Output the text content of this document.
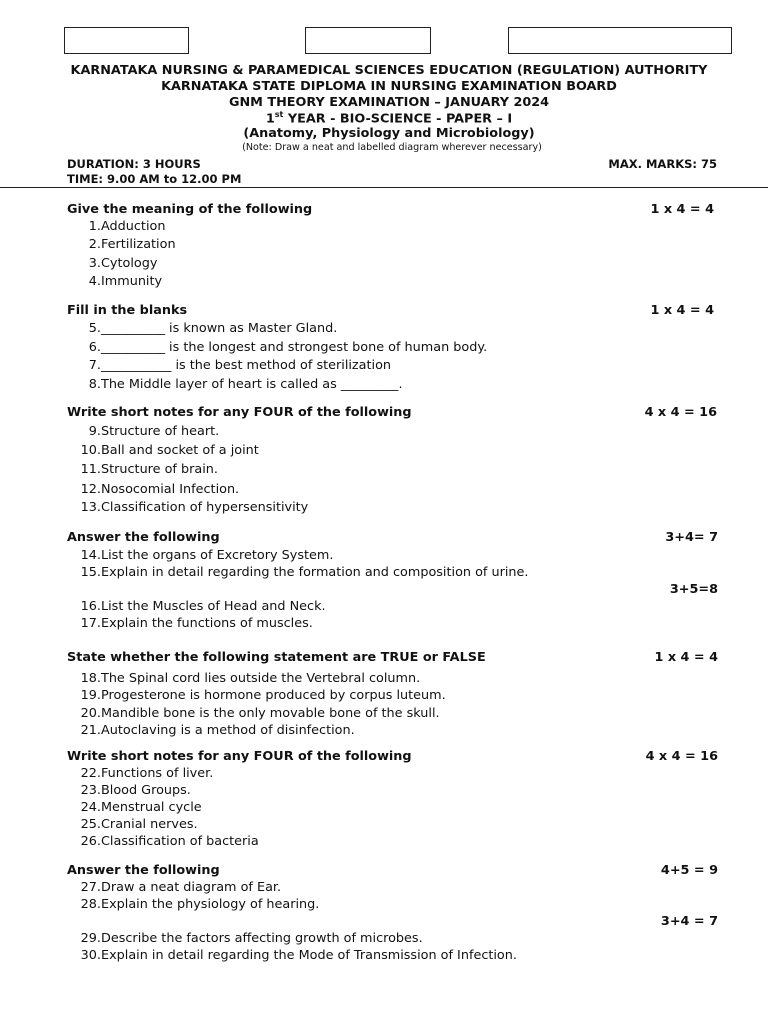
KARNATAKA NURSING & PARAMEDICAL SCIENCES EDUCATION (REGULATION) AUTHORITY
KARNATAKA STATE DIPLOMA IN NURSING EXAMINATION BOARD
GNM THEORY EXAMINATION – JANUARY 2024
1st YEAR - BIO-SCIENCE - PAPER – I
(Anatomy, Physiology and Microbiology)
(Note: Draw a neat and labelled diagram wherever necessary)
DURATION: 3 HOURS
TIME: 9.00 AM to 12.00 PM
MAX. MARKS: 75
Give the meaning of the following	1 x 4 = 4
1. Adduction
2. Fertilization
3. Cytology
4. Immunity
Fill in the blanks	1 x 4 = 4
5. __________ is known as Master Gland.
6. __________ is the longest and strongest bone of human body.
7. ___________ is the best method of sterilization
8. The Middle layer of heart is called as _________.
Write short notes for any FOUR of the following	4 x 4 = 16
9. Structure of heart.
10. Ball and socket of a joint
11. Structure of brain.
12. Nosocomial Infection.
13. Classification of hypersensitivity
Answer the following	3+4= 7
14. List the organs of Excretory System.
15. Explain in detail regarding the formation and composition of urine.
3+5=8
16. List the Muscles of Head and Neck.
17. Explain the functions of muscles.
State whether the following statement are TRUE or FALSE	1 x 4 = 4
18. The Spinal cord lies outside the Vertebral column.
19. Progesterone is hormone produced by corpus luteum.
20. Mandible bone is the only movable bone of the skull.
21. Autoclaving is a method of disinfection.
Write short notes for any FOUR of the following	4 x 4 = 16
22. Functions of liver.
23. Blood Groups.
24. Menstrual cycle
25. Cranial nerves.
26. Classification of bacteria
Answer the following	4+5 = 9
27. Draw a neat diagram of Ear.
28. Explain the physiology of hearing.
3+4 = 7
29. Describe the factors affecting growth of microbes.
30. Explain in detail regarding the Mode of Transmission of Infection.
